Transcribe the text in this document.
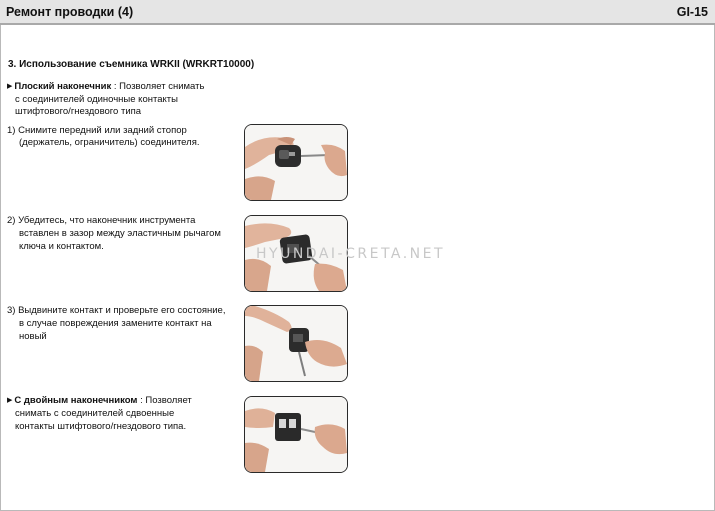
Ремонт проводки (4)	GI-15
3. Использование съемника WRKII (WRKRT10000)
▶ Плоский наконечник : Позволяет снимать
с соединителей одиночные контакты
штифтового/гнездового типа
1) Снимите передний или задний стопор
(держатель, ограничитель) соединителя.
2) Убедитесь, что наконечник инструмента
вставлен в зазор между эластичным рычагом
ключа и контактом.
3) Выдвините контакт и проверьте его состояние,
в случае повреждения замените контакт на
новый
▶ С двойным наконечником : Позволяет
снимать с соединителей сдвоенные
контакты штифтового/гнездового типа.
HYUNDAI-CRETA.NET
